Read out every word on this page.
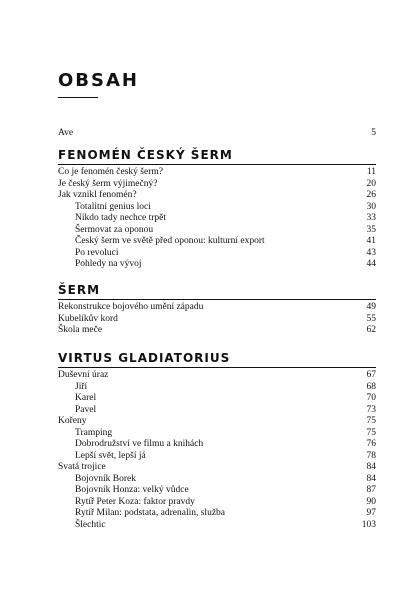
OBSAH
Ave	5
FENOMÉN ČESKÝ ŠERM
Co je fenomén český šerm?	11
Je český šerm výjimečný?	20
Jak vznikl fenomén?	26
Totalitní genius loci	30
Nikdo tady nechce trpět	33
Šermovat za oponou	35
Český šerm ve světě před oponou: kulturní export	41
Po revoluci	43
Pohledy na vývoj	44
ŠERM
Rekonstrukce bojového umění západu	49
Kubelíkův kord	55
Škola meče	62
VIRTUS GLADIATORIUS
Duševní úraz	67
Jiří	68
Karel	70
Pavel	73
Kořeny	75
Tramping	75
Dobrodružství ve filmu a knihách	76
Lepší svět, lepší já	78
Svatá trojice	84
Bojovník Borek	84
Bojovník Honza: velký vůdce	87
Rytíř Peter Koza: faktor pravdy	90
Rytíř Milan: podstata, adrenalin, služba	97
Šlechtic	103
